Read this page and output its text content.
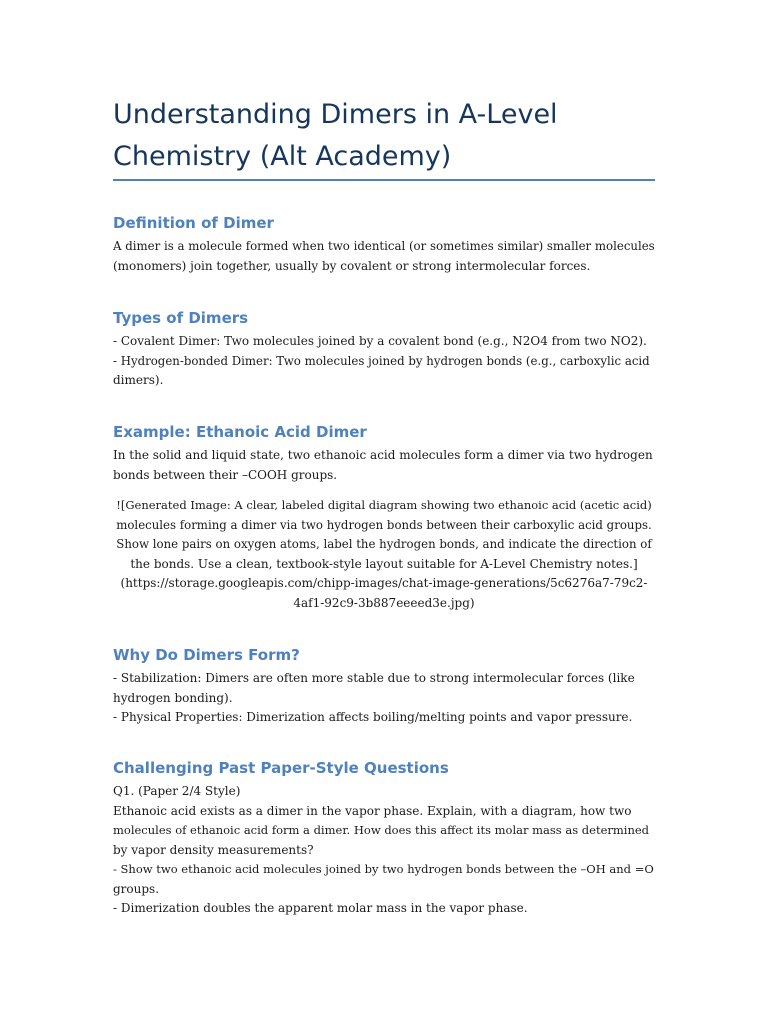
Understanding Dimers in A-Level
Chemistry (Alt Academy)
Definition of Dimer

A dimer is a molecule formed when two identical (or sometimes similar) smaller molecules
(monomers) join together, usually by covalent or strong intermolecular forces.

Types of Dimers

- Covalent Dimer: Two molecules joined by a covalent bond (e.g., N2O4 from two NO2).
- Hydrogen-bonded Dimer: Two molecules joined by hydrogen bonds (e.g., carboxylic acid
dimers).

Example: Ethanoic Acid Dimer

In the solid and liquid state, two ethanoic acid molecules form a dimer via two hydrogen
bonds between their –COOH groups.

![Generated Image: A clear, labeled digital diagram showing two ethanoic acid (acetic acid)
molecules forming a dimer via two hydrogen bonds between their carboxylic acid groups.
Show lone pairs on oxygen atoms, label the hydrogen bonds, and indicate the direction of
the bonds. Use a clean, textbook-style layout suitable for A-Level Chemistry notes.]
(https://storage.googleapis.com/chipp-images/chat-image-generations/5c6276a7-79c2-
4af1-92c9-3b887eeeed3e.jpg)

Why Do Dimers Form?

- Stabilization: Dimers are often more stable due to strong intermolecular forces (like
hydrogen bonding).
- Physical Properties: Dimerization affects boiling/melting points and vapor pressure.

Challenging Past Paper-Style Questions

Q1. (Paper 2/4 Style)
Ethanoic acid exists as a dimer in the vapor phase. Explain, with a diagram, how two
molecules of ethanoic acid form a dimer. How does this affect its molar mass as determined
by vapor density measurements?
- Show two ethanoic acid molecules joined by two hydrogen bonds between the –OH and =O
groups.
- Dimerization doubles the apparent molar mass in the vapor phase.
